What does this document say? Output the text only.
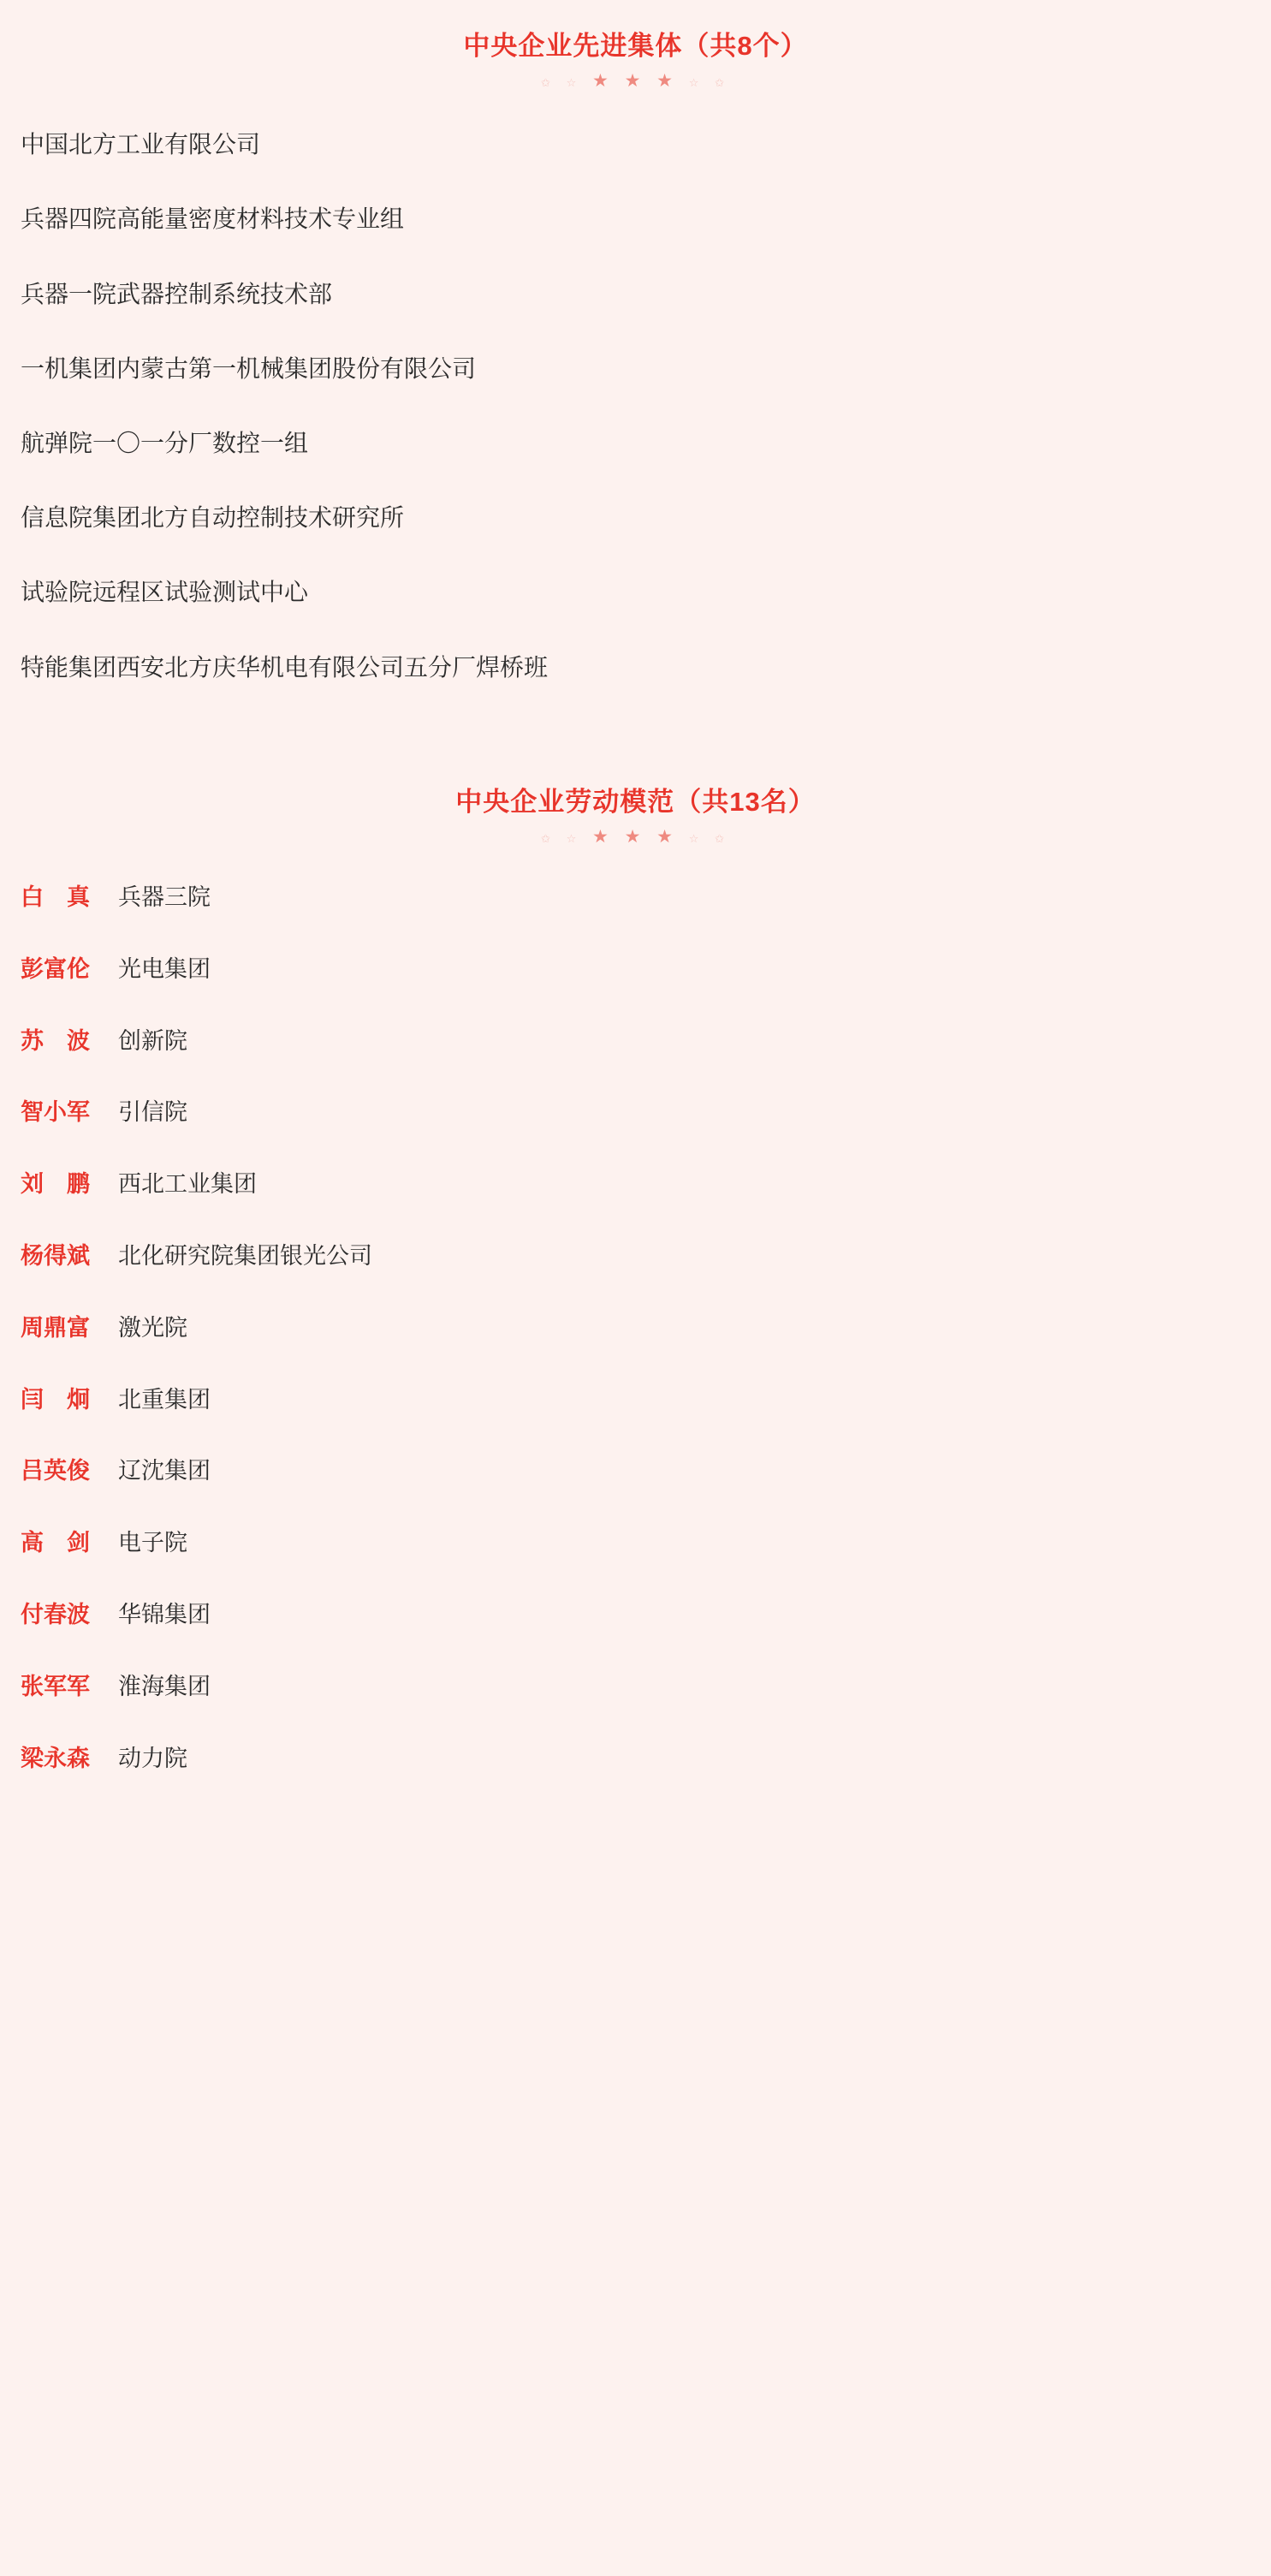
中央企业先进集体（共8个）
✩ ☆ ★ ★ ★ ☆ ✩
中国北方工业有限公司
兵器四院高能量密度材料技术专业组
兵器一院武器控制系统技术部
一机集团内蒙古第一机械集团股份有限公司
航弹院一〇一分厂数控一组
信息院集团北方自动控制技术研究所
试验院远程区试验测试中心
特能集团西安北方庆华机电有限公司五分厂焊桥班
中央企业劳动模范（共13名）
✩ ☆ ★ ★ ★ ☆ ✩
白　真 兵器三院
彭富伦 光电集团
苏　波 创新院
智小军 引信院
刘　鹏 西北工业集团
杨得斌 北化研究院集团银光公司
周鼎富 激光院
闫　炯 北重集团
吕英俊 辽沈集团
高　剑 电子院
付春波 华锦集团
张军军 淮海集团
梁永森 动力院
